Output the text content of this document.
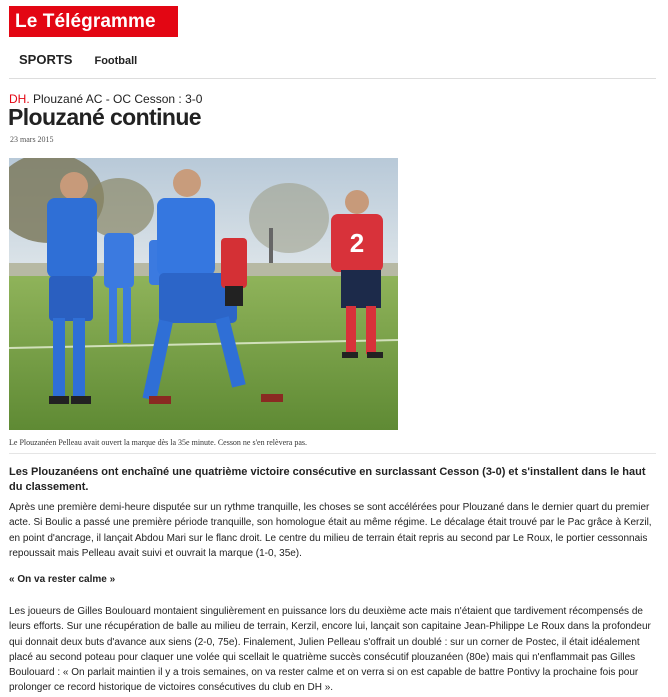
Le Télégramme
SPORTS Football
DH. Plouzané AC - OC Cesson : 3-0
Plouzané continue
23 mars 2015
2
Le Plouzanéen Pelleau avait ouvert la marque dès la 35e minute. Cesson ne s'en relèvera pas.

Les Plouzanéens ont enchaîné une quatrième victoire consécutive en surclassant Cesson (3-0) et s'installent dans le haut du classement.

Après une première demi-heure disputée sur un rythme tranquille, les choses se sont accélérées pour Plouzané dans le dernier quart du premier acte. Si Boulic a passé une première période tranquille, son homologue était au même régime. Le décalage était trouvé par le Pac grâce à Kerzil, en point d'ancrage, il lançait Abdou Mari sur le flanc droit. Le centre du milieu de terrain était repris au second par Le Roux, le portier cessonnais repoussait mais Pelleau avait suivi et ouvrait la marque (1-0, 35e).

« On va rester calme »

Les joueurs de Gilles Boulouard montaient singulièrement en puissance lors du deuxième acte mais n'étaient que tardivement récompensés de leurs efforts. Sur une récupération de balle au milieu de terrain, Kerzil, encore lui, lançait son capitaine Jean-Philippe Le Roux dans la profondeur qui donnait deux buts d'avance aux siens (2-0, 75e). Finalement, Julien Pelleau s'offrait un doublé : sur un corner de Postec, il était idéalement placé au second poteau pour claquer une volée qui scellait le quatrième succès consécutif plouzanéen (80e) mais qui n'enflammait pas Gilles Boulouard : « On parlait maintien il y a trois semaines, on va rester calme et on verra si on est capable de battre Pontivy la prochaine fois pour prolonger ce record historique de victoires consécutives du club en DH ».
